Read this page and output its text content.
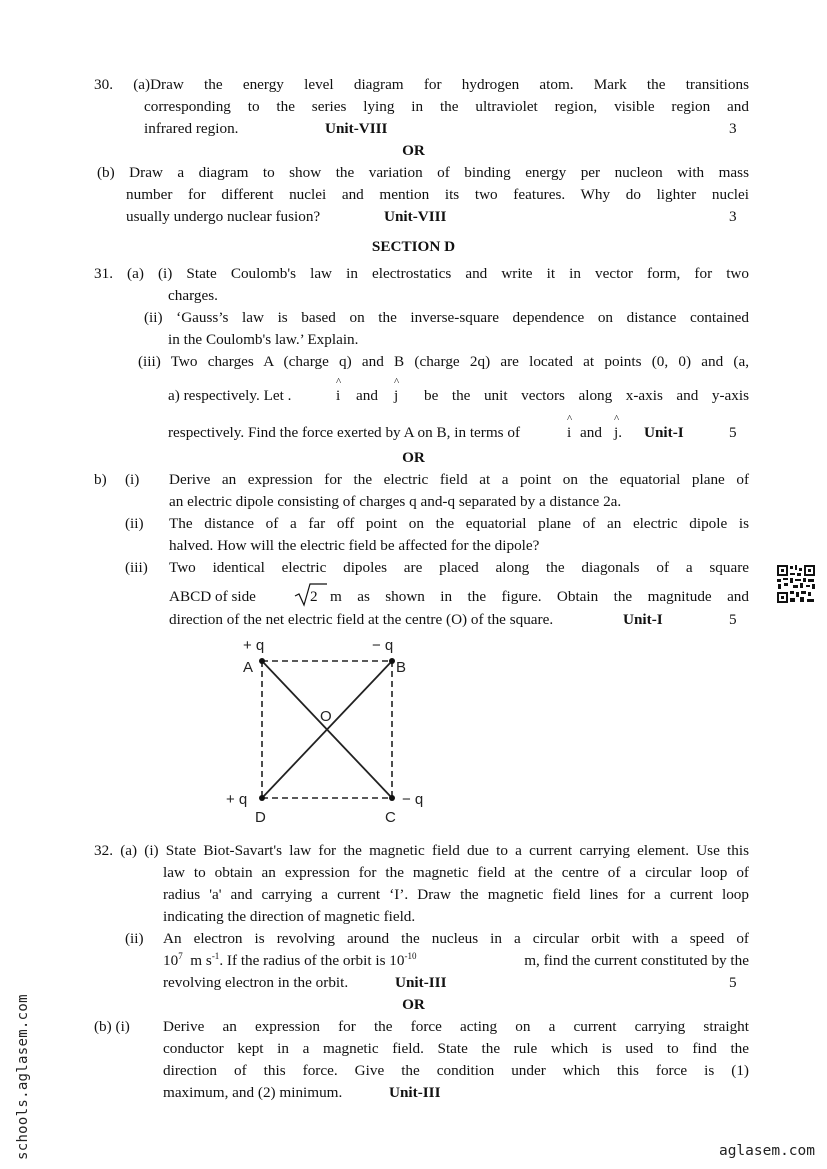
30. (a)Draw the energy level diagram for hydrogen atom. Mark the transitions
corresponding to the series lying in the ultraviolet region, visible region and
infrared region.	Unit-VIII	3
OR
(b) Draw a diagram to show the variation of binding energy per nucleon with mass
number for different nuclei and mention its two features. Why do lighter nuclei
usually undergo nuclear fusion?	Unit-VIII	3
SECTION D
31. (a) (i) State Coulomb's law in electrostatics and write it in vector form, for two
charges.
(ii) ‘Gauss’s law is based on the inverse-square dependence on distance contained
in the Coulomb's law.’ Explain.
(iii) Two charges A (charge q) and B (charge 2q) are located at points (0, 0) and (a,
a) respectively. Let .	^ i and ^ j be the unit vectors along x-axis and y-axis
respectively. Find the force exerted by A on B, in terms of	^ i and ^ j. Unit-I	5
OR
b) (i) Derive an expression for the electric field at a point on the equatorial plane of
an electric dipole consisting of charges q and-q separated by a distance 2a.
(ii) The distance of a far off point on the equatorial plane of an electric dipole is
halved. How will the electric field be affected for the dipole?
(iii) Two identical electric dipoles are placed along the diagonals of a square
ABCD of side	2 m as shown in the figure. Obtain the magnitude and
direction of the net electric field at the centre (O) of the square.	Unit-I	5
+ q
A
− q
B
O
+ q
D
− q
C
32. (a) (i) State Biot-Savart's law for the magnetic field due to a current carrying element. Use this
law to obtain an expression for the magnetic field at the centre of a circular loop of
radius 'a' and carrying a current ‘I’. Draw the magnetic field lines for a current loop
indicating the direction of magnetic field.
(ii) An electron is revolving around the nucleus in a circular orbit with a speed of
$10^7$ m $s^{-1}$. If the radius of the orbit is $10^{-10}$	m, find the current constituted by the
revolving electron in the orbit.	Unit-III	5
OR
(b) (i) Derive an expression for the force acting on a current carrying straight
conductor kept in a magnetic field. State the rule which is used to find the
direction of this force. Give the condition under which this force is (1)
maximum, and (2) minimum.	Unit-III
schools.aglasem.com	aglasem.com
